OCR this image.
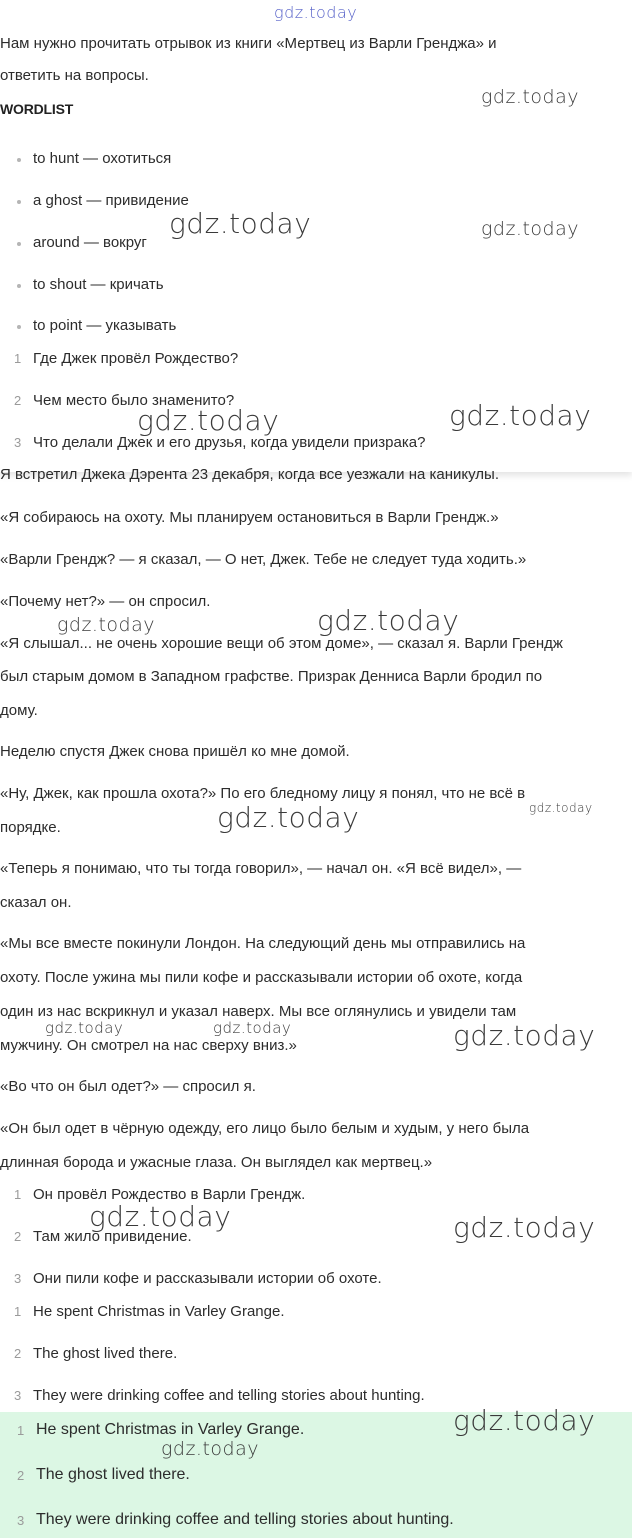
gdz.today
Нам нужно прочитать отрывок из книги «Мертвец из Варли Гренджа» и
ответить на вопросы.
WORDLIST
to hunt — охотиться
a ghost — привидение
around — вокруг
to shout — кричать
to point — указывать
1 Где Джек провёл Рождество?
2 Чем место было знаменито?
3 Что делали Джек и его друзья, когда увидели призрака?
Я встретил Джека Дэрента 23 декабря, когда все уезжали на каникулы.
«Я собираюсь на охоту. Мы планируем остановиться в Варли Грендж.»
«Варли Грендж? — я сказал, — О нет, Джек. Тебе не следует туда ходить.»
«Почему нет?» — он спросил.
«Я слышал... не очень хорошие вещи об этом доме», — сказал я. Варли Грендж
был старым домом в Западном графстве. Призрак Денниса Варли бродил по
дому.
Неделю спустя Джек снова пришёл ко мне домой.
«Ну, Джек, как прошла охота?» По его бледному лицу я понял, что не всё в
порядке.
«Теперь я понимаю, что ты тогда говорил», — начал он. «Я всё видел», —
сказал он.
«Мы все вместе покинули Лондон. На следующий день мы отправились на
охоту. После ужина мы пили кофе и рассказывали истории об охоте, когда
один из нас вскрикнул и указал наверх. Мы все оглянулись и увидели там
мужчину. Он смотрел на нас сверху вниз.»
«Во что он был одет?» — спросил я.
«Он был одет в чёрную одежду, его лицо было белым и худым, у него была
длинная борода и ужасные глаза. Он выглядел как мертвец.»
1 Он провёл Рождество в Варли Грендж.
2 Там жило привидение.
3 Они пили кофе и рассказывали истории об охоте.
1 He spent Christmas in Varley Grange.
2 The ghost lived there.
3 They were drinking coffee and telling stories about hunting.
1 He spent Christmas in Varley Grange.
2 The ghost lived there.
3 They were drinking coffee and telling stories about hunting.
gdz.today
gdz.today	gdz.today
gdz.today	gdz.today
gdz.today	gdz.today
gdz.today	gdz.today
gdz.today	gdz.today	gdz.today
gdz.today	gdz.today
gdz.today
gdz.today
